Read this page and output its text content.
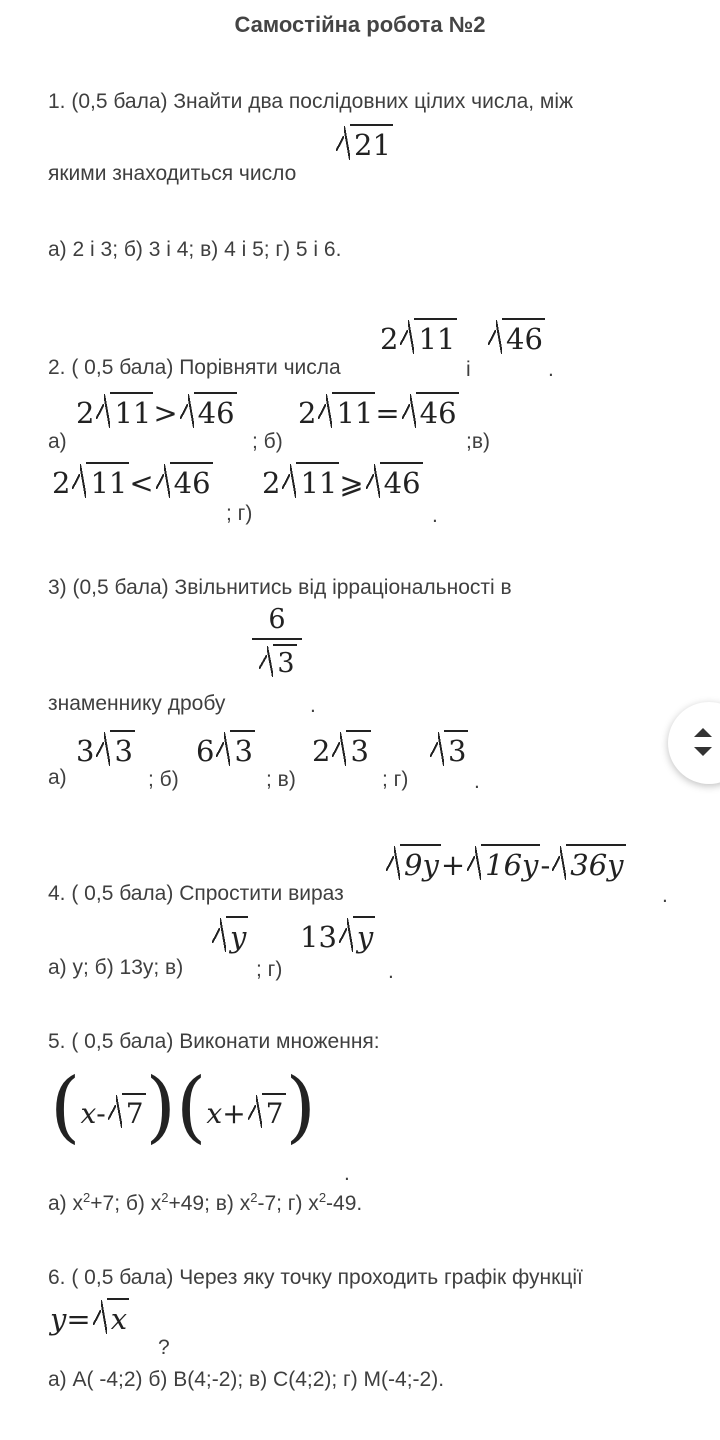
Самостійна робота №2
1. (0,5 бала) Знайти два послідовних цілих числа, між
якими знаходиться число
21
а) 2 і 3; б) 3 і 4; в) 4 і 5; г) 5 і 6.
2. ( 0,5 бала) Порівняти числа
2 11
і
46
.
а)
2 11> 46
; б)
2 11= 46
;в)
2 11< 46
; г)
2 11⩾ 46
.
3) (0,5 бала) Звільнитись від ірраціональності в
знаменнику дробу
$\frac{6}{3}$
.
а)
3 3
; б)
6 3
; в)
2 3
; г)
3
.
4. ( 0,5 бала) Спростити вираз
9y+ 16y- 36y
.
а) у; б) 13у; в)
y
; г)
13 y
.
5. ( 0,5 бала) Виконати множення:
(x- 7)(x+ 7)
.
а) $x^2+7$; б) $x^2+49$; в) $x^2-7$; г) $x^2-49$.
6. ( 0,5 бала) Через яку точку проходить графік функції
y= x
?
а) А( -4;2) б) В(4;-2); в) С(4;2); г) М(-4;-2).
